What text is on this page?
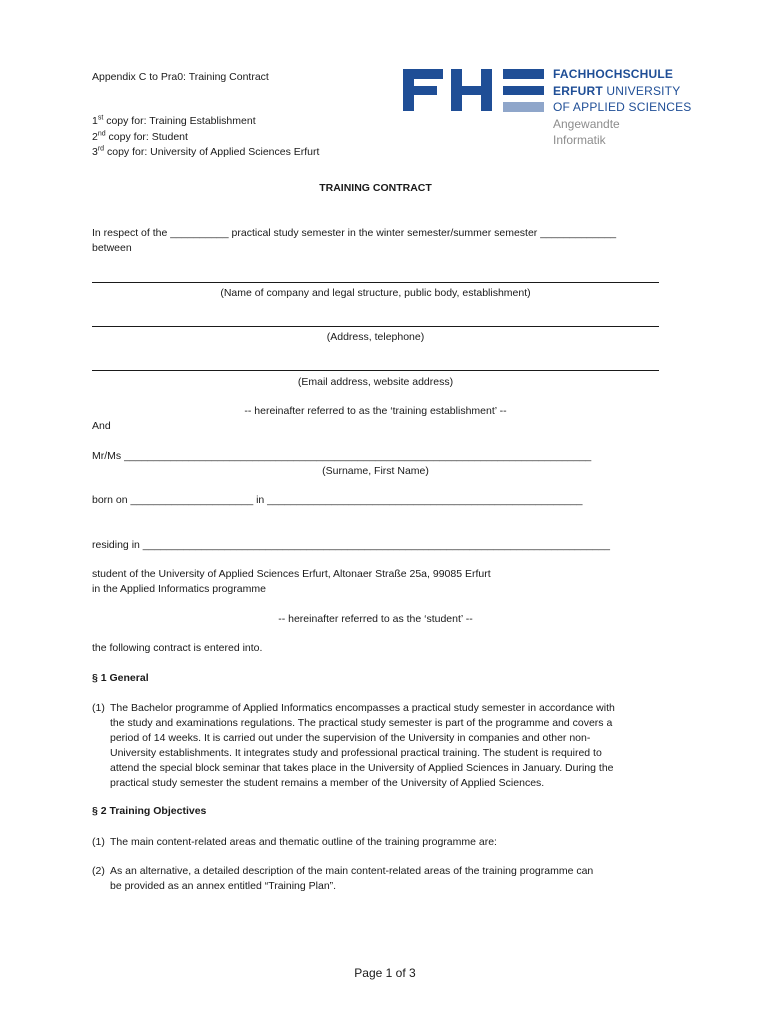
Appendix C to Pra0: Training Contract
1st copy for: Training Establishment
2nd copy for: Student
3rd copy for: University of Applied Sciences Erfurt
FACHHOCHSCHULE
ERFURT UNIVERSITY
OF APPLIED SCIENCES
Angewandte
Informatik
TRAINING CONTRACT
In respect of the __________ practical study semester in the winter semester/summer semester _____________
between
(Name of company and legal structure, public body, establishment)
(Address, telephone)
(Email address, website address)
-- hereinafter referred to as the ‘training establishment’ --
And
Mr/Ms ________________________________________________________________________________
(Surname, First Name)
born on _____________________ in ______________________________________________________
residing in ________________________________________________________________________________
student of the University of Applied Sciences Erfurt, Altonaer Straße 25a, 99085 Erfurt
in the Applied Informatics programme
-- hereinafter referred to as the ‘student’ --
the following contract is entered into.
§ 1 General
(1) The Bachelor programme of Applied Informatics encompasses a practical study semester in accordance with
the study and examinations regulations. The practical study semester is part of the programme and covers a
period of 14 weeks. It is carried out under the supervision of the University in companies and other non-
University establishments. It integrates study and professional practical training. The student is required to
attend the special block seminar that takes place in the University of Applied Sciences in January. During the
practical study semester the student remains a member of the University of Applied Sciences.
§ 2 Training Objectives
(1) The main content-related areas and thematic outline of the training programme are:
(2) As an alternative, a detailed description of the main content-related areas of the training programme can
be provided as an annex entitled “Training Plan”.
Page 1 of 3
